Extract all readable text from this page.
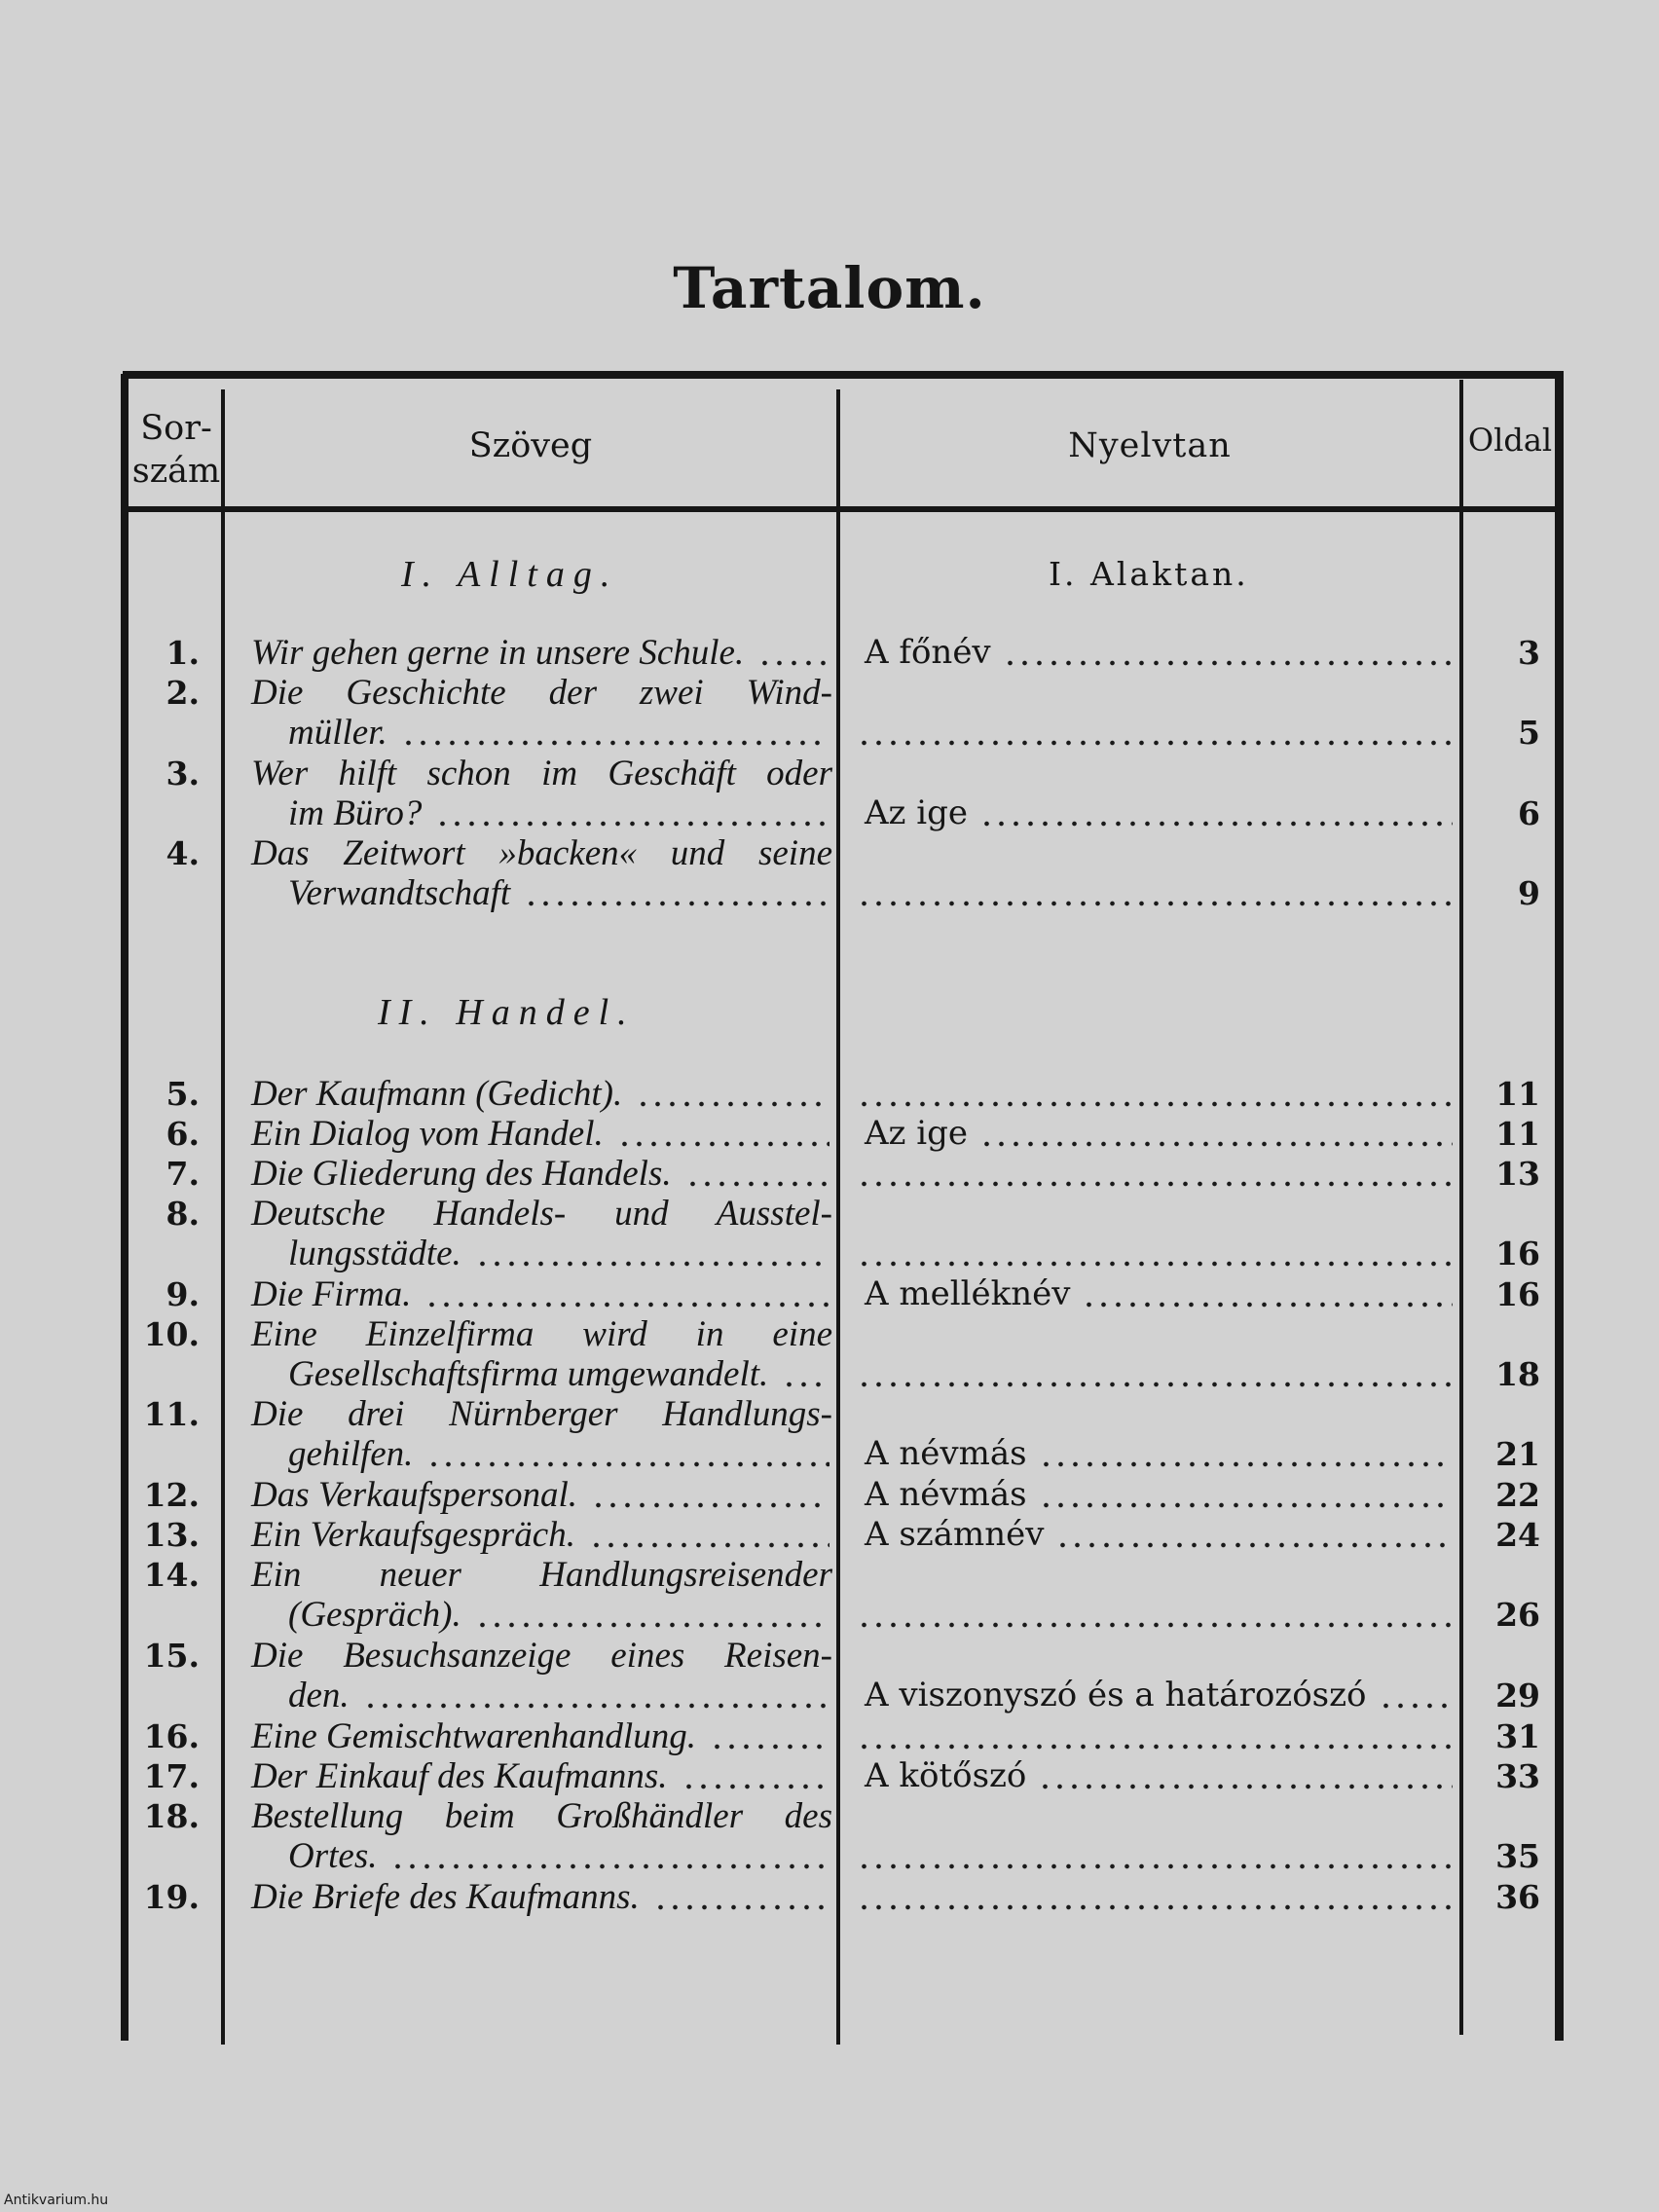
Tartalom.
Sor-
szám
Szöveg	Nyelvtan	Oldal
I. Alltag.	I. Alaktan.
II. Handel.
1. Wir gehen gerne in unsere Schule.	A főnév	3
2. Die Geschichte der zwei Wind-
müller.	5
3. Wer hilft schon im Geschäft oder
im Büro?	Az ige	6
4. Das Zeitwort »backen« und seine
Verwandtschaft	9
5. Der Kaufmann (Gedicht).	11
6. Ein Dialog vom Handel.	Az ige	11
7. Die Gliederung des Handels.	13
8. Deutsche Handels- und Ausstel-
lungsstädte.	16
9. Die Firma.	A melléknév	16
10. Eine Einzelfirma wird in eine
Gesellschaftsfirma umgewandelt.	18
11. Die drei Nürnberger Handlungs-
gehilfen.	A névmás	21
12. Das Verkaufspersonal.	A névmás	22
13. Ein Verkaufsgespräch.	A számnév	24
14. Ein neuer Handlungsreisender
(Gespräch).	26
15. Die Besuchsanzeige eines Reisen-
den.	A viszonyszó és a határozószó	29
16. Eine Gemischtwarenhandlung.	31
17. Der Einkauf des Kaufmanns.	A kötőszó	33
18. Bestellung beim Großhändler des
Ortes.	35
19. Die Briefe des Kaufmanns.	36
Antikvarium.hu
